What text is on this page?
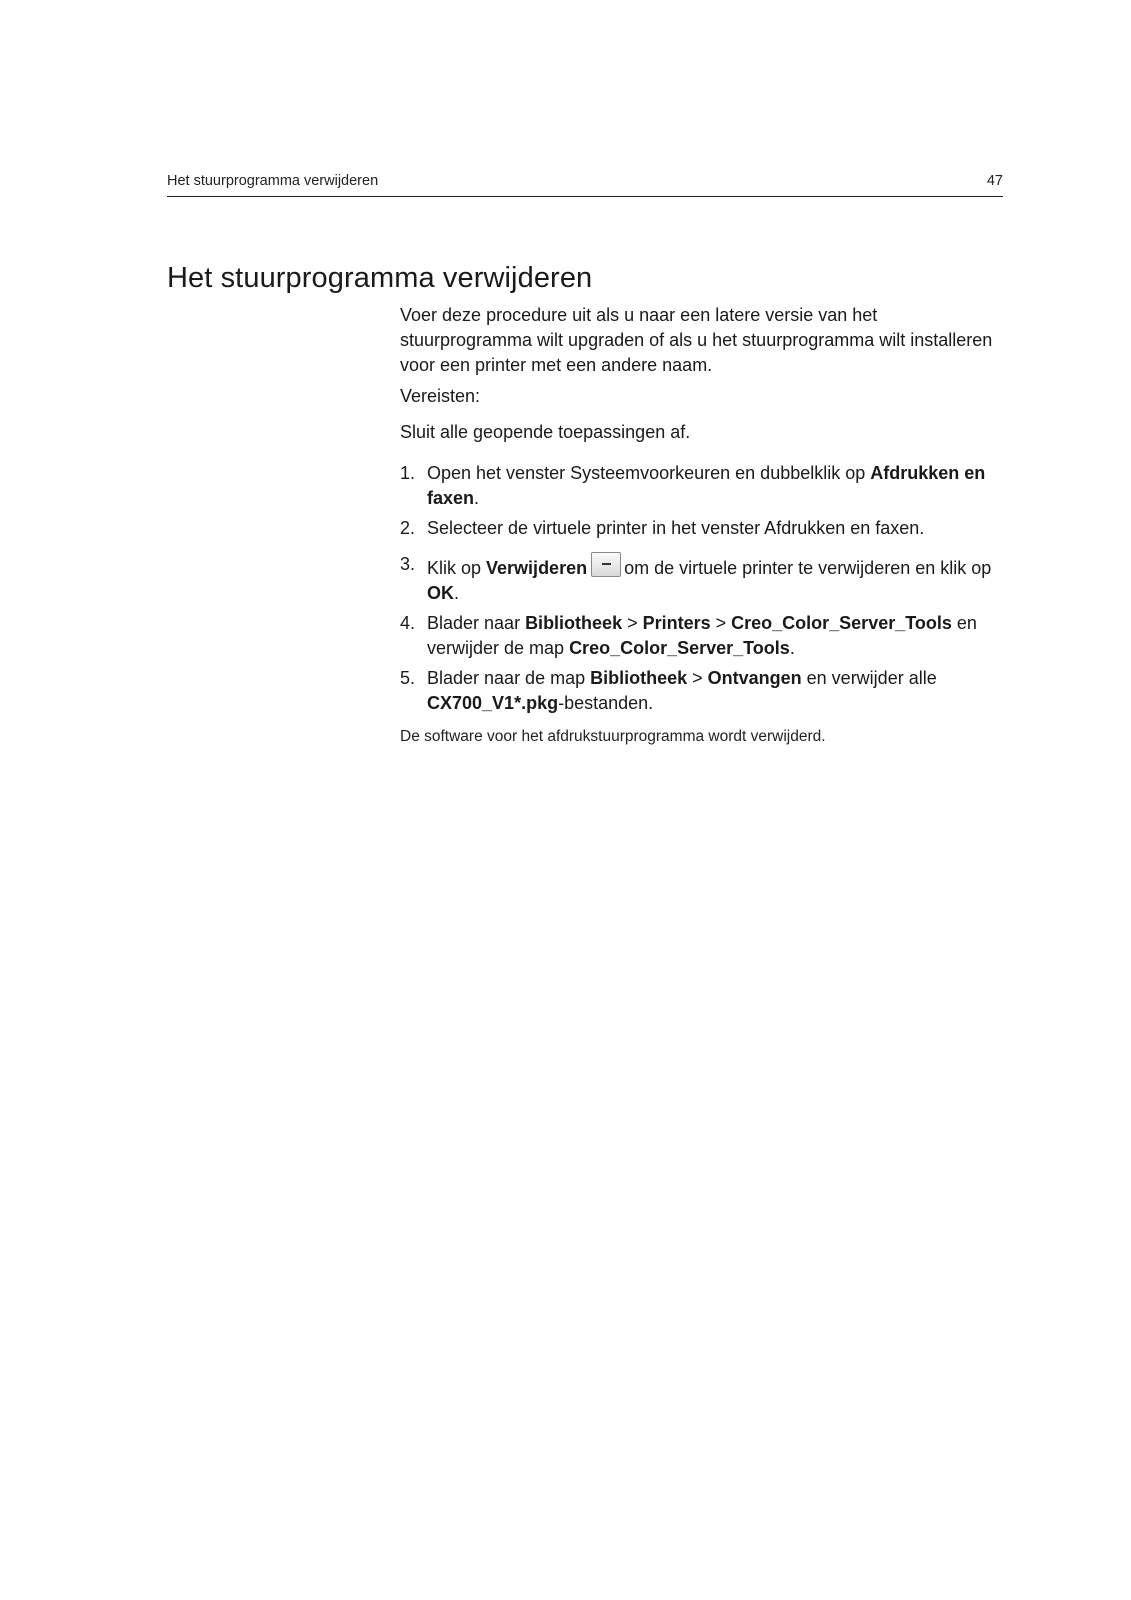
Het stuurprogramma verwijderen	47
Het stuurprogramma verwijderen

Voer deze procedure uit als u naar een latere versie van het stuurprogramma wilt upgraden of als u het stuurprogramma wilt installeren voor een printer met een andere naam.

Vereisten:

Sluit alle geopende toepassingen af.

1. Open het venster Systeemvoorkeuren en dubbelklik op Afdrukken en faxen.
2. Selecteer de virtuele printer in het venster Afdrukken en faxen.
3. Klik op Verwijderen om de virtuele printer te verwijderen en klik op OK.
4. Blader naar Bibliotheek > Printers > Creo_Color_Server_Tools en verwijder de map Creo_Color_Server_Tools.
5. Blader naar de map Bibliotheek > Ontvangen en verwijder alle CX700_V1*.pkg-bestanden.

De software voor het afdrukstuurprogramma wordt verwijderd.
